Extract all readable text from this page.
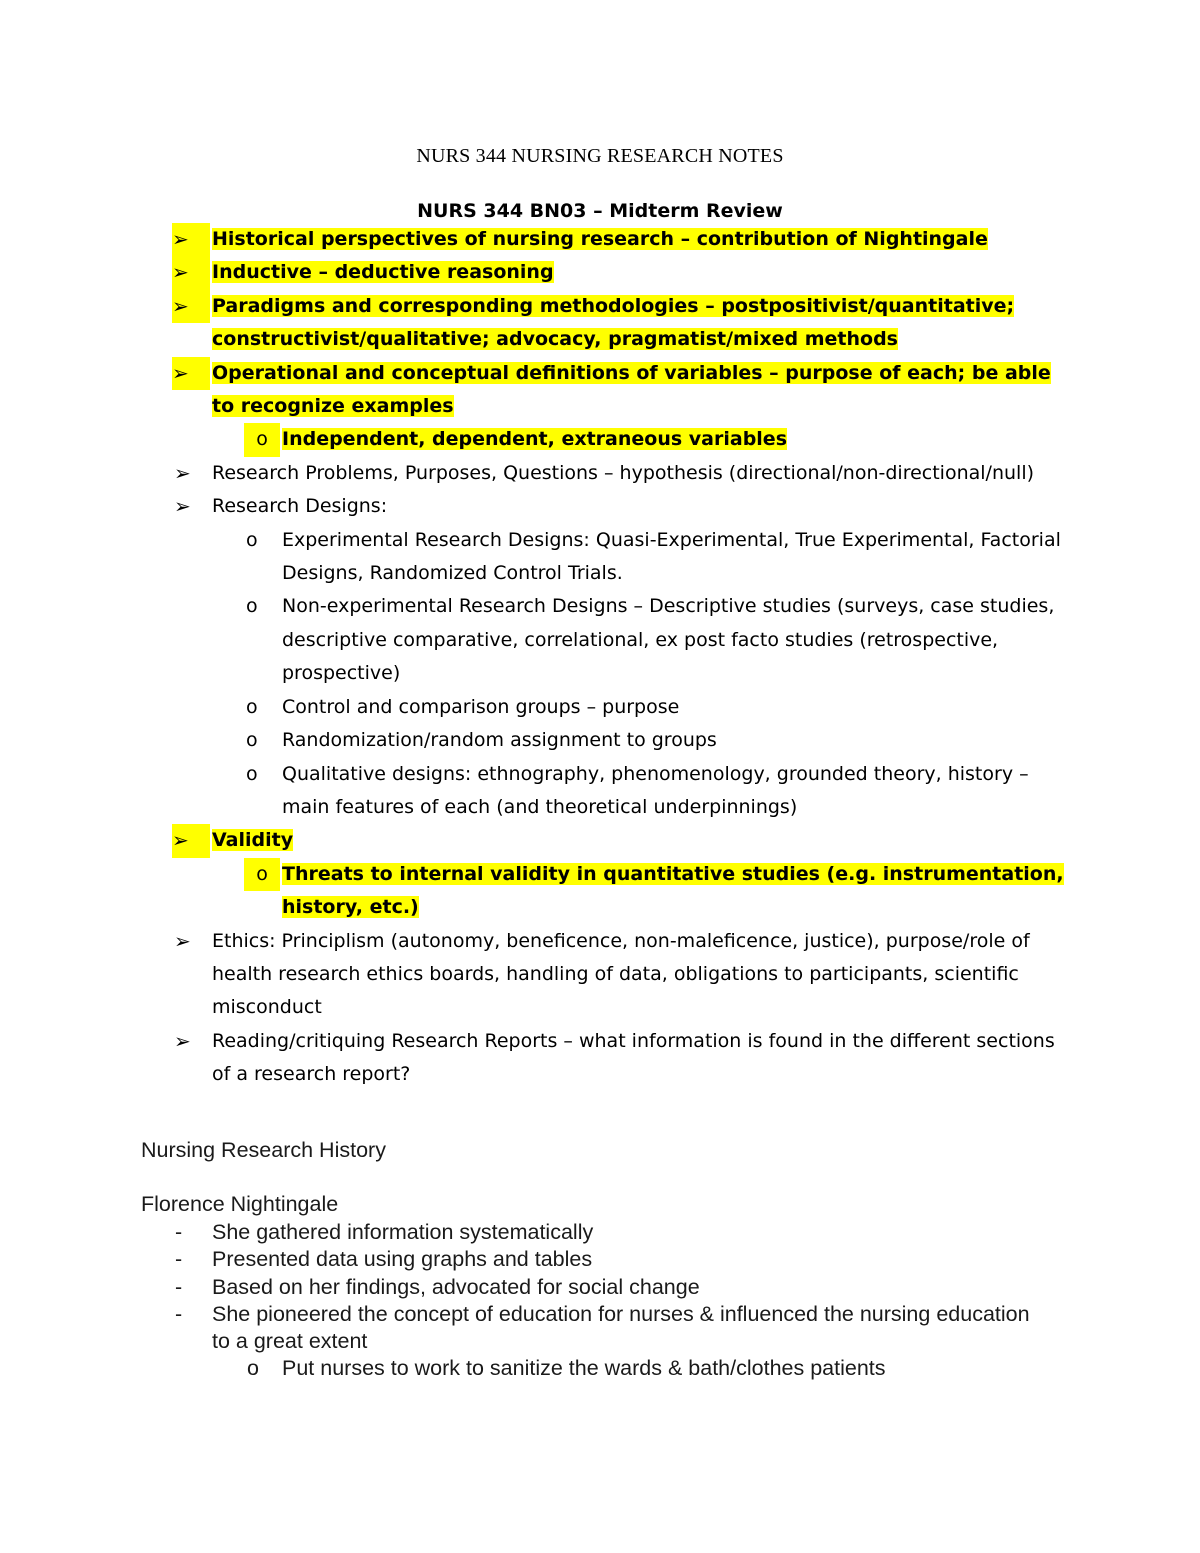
NURS 344 NURSING RESEARCH NOTES
NURS 344 BN03 – Midterm Review
➢	Historical perspectives of nursing research – contribution of Nightingale
➢	Inductive – deductive reasoning
➢	Paradigms and corresponding methodologies – postpositivist/quantitative; constructivist/qualitative; advocacy, pragmatist/mixed methods
➢	Operational and conceptual definitions of variables – purpose of each; be able to recognize examples
o Independent, dependent, extraneous variables
➢ Research Problems, Purposes, Questions – hypothesis (directional/non-directional/null)
➢ Research Designs:
o Experimental Research Designs: Quasi-Experimental, True Experimental, Factorial Designs, Randomized Control Trials.
o Non-experimental Research Designs – Descriptive studies (surveys, case studies, descriptive comparative, correlational, ex post facto studies (retrospective, prospective)
o Control and comparison groups – purpose
o Randomization/random assignment to groups
o Qualitative designs: ethnography, phenomenology, grounded theory, history – main features of each (and theoretical underpinnings)
➢	Validity
o Threats to internal validity in quantitative studies (e.g. instrumentation, history, etc.)
➢ Ethics: Principlism (autonomy, beneficence, non-maleficence, justice), purpose/role of health research ethics boards, handling of data, obligations to participants, scientific misconduct
➢ Reading/critiquing Research Reports – what information is found in the different sections of a research report?
Nursing Research History
Florence Nightingale
- She gathered information systematically
- Presented data using graphs and tables
- Based on her findings, advocated for social change
- She pioneered the concept of education for nurses & influenced the nursing education to a great extent
o Put nurses to work to sanitize the wards & bath/clothes patients
